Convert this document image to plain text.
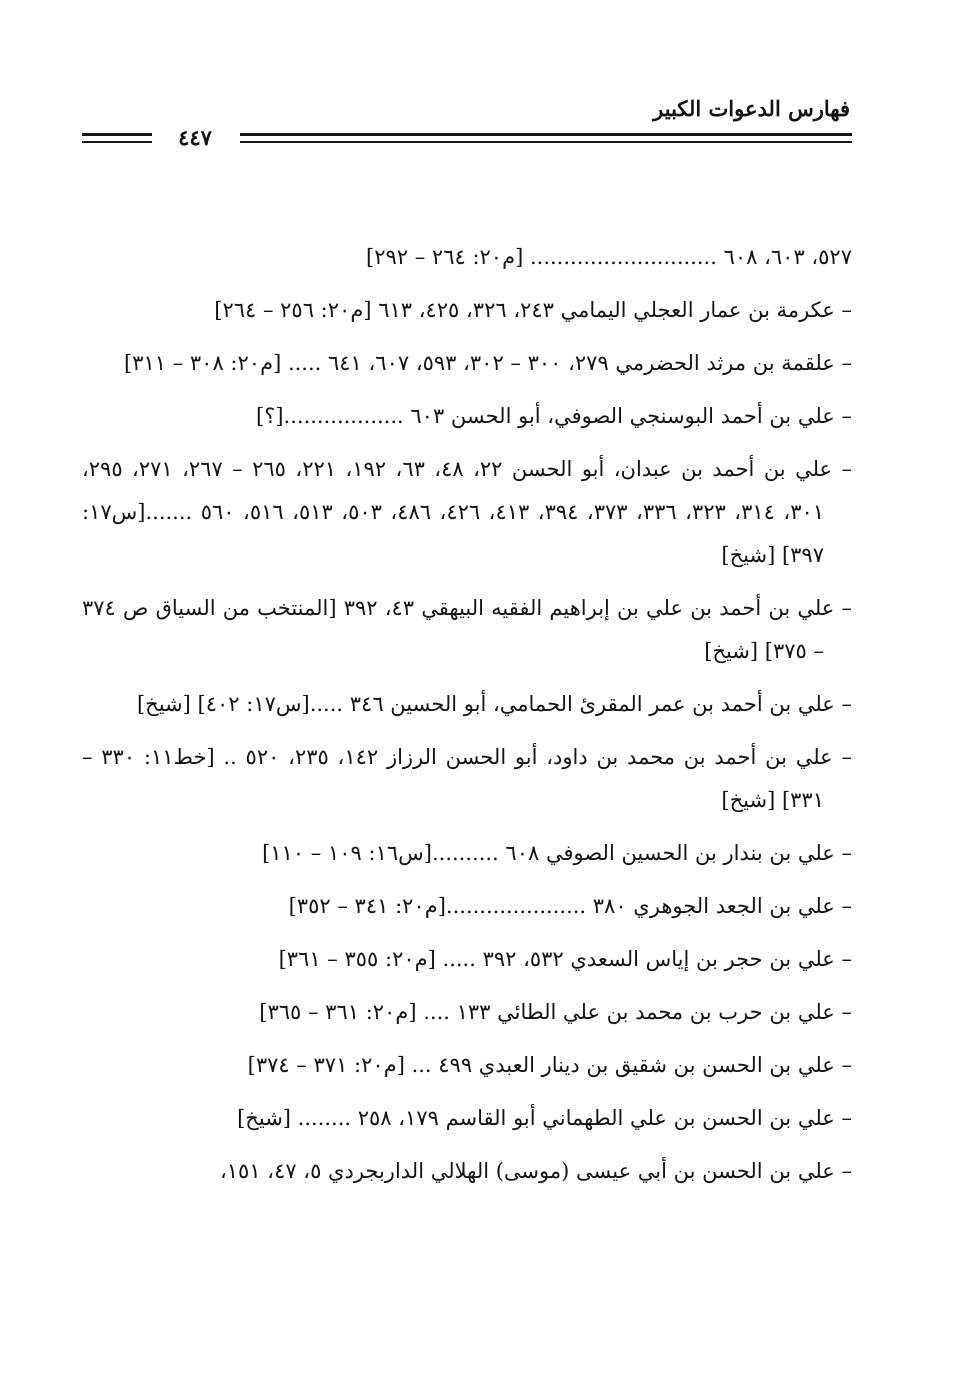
فهارس الدعوات الكبير
٤٤٧
٥٢٧، ٦٠٣، ٦٠٨ ............................ [م٢٠: ٢٦٤ – ٢٩٢]
– عكرمة بن عمار العجلي اليمامي ٢٤٣، ٣٢٦، ٤٢٥، ٦١٣ [م٢٠: ٢٥٦ – ٢٦٤]
– علقمة بن مرثد الحضرمي ٢٧٩، ٣٠٠ – ٣٠٢، ٥٩٣، ٦٠٧، ٦٤١ ..... [م٢٠: ٣٠٨ – ٣١١]
– علي بن أحمد البوسنجي الصوفي، أبو الحسن ٦٠٣ ..................[؟]
– علي بن أحمد بن عبدان، أبو الحسن ٢٢، ٤٨، ٦٣، ١٩٢، ٢٢١، ٢٦٥ – ٢٦٧، ٢٧١، ٢٩٥، ٣٠١، ٣١٤، ٣٢٣، ٣٣٦، ٣٧٣، ٣٩٤، ٤١٣، ٤٢٦، ٤٨٦، ٥٠٣، ٥١٣، ٥١٦، ٥٦٠ .......[س١٧: ٣٩٧] [شيخ]
– علي بن أحمد بن علي بن إبراهيم الفقيه البيهقي ٤٣، ٣٩٢ [المنتخب من السياق ص ٣٧٤ – ٣٧٥] [شيخ]
– علي بن أحمد بن عمر المقرئ الحمامي، أبو الحسين ٣٤٦ .....[س١٧: ٤٠٢] [شيخ]
– علي بن أحمد بن محمد بن داود، أبو الحسن الرزاز ١٤٢، ٢٣٥، ٥٢٠ .. [خط١١: ٣٣٠ – ٣٣١] [شيخ]
– علي بن بندار بن الحسين الصوفي ٦٠٨ ..........[س١٦: ١٠٩ – ١١٠]
– علي بن الجعد الجوهري ٣٨٠ .....................[م٢٠: ٣٤١ – ٣٥٢]
– علي بن حجر بن إياس السعدي ٥٣٢، ٣٩٢ ..... [م٢٠: ٣٥٥ – ٣٦١]
– علي بن حرب بن محمد بن علي الطائي ١٣٣ .... [م٢٠: ٣٦١ – ٣٦٥]
– علي بن الحسن بن شقيق بن دينار العبدي ٤٩٩ ... [م٢٠: ٣٧١ – ٣٧٤]
– علي بن الحسن بن علي الطهماني أبو القاسم ١٧٩، ٢٥٨ ........ [شيخ]
– علي بن الحسن بن أبي عيسى (موسى) الهلالي الداربجردي ٥، ٤٧، ١٥١،
